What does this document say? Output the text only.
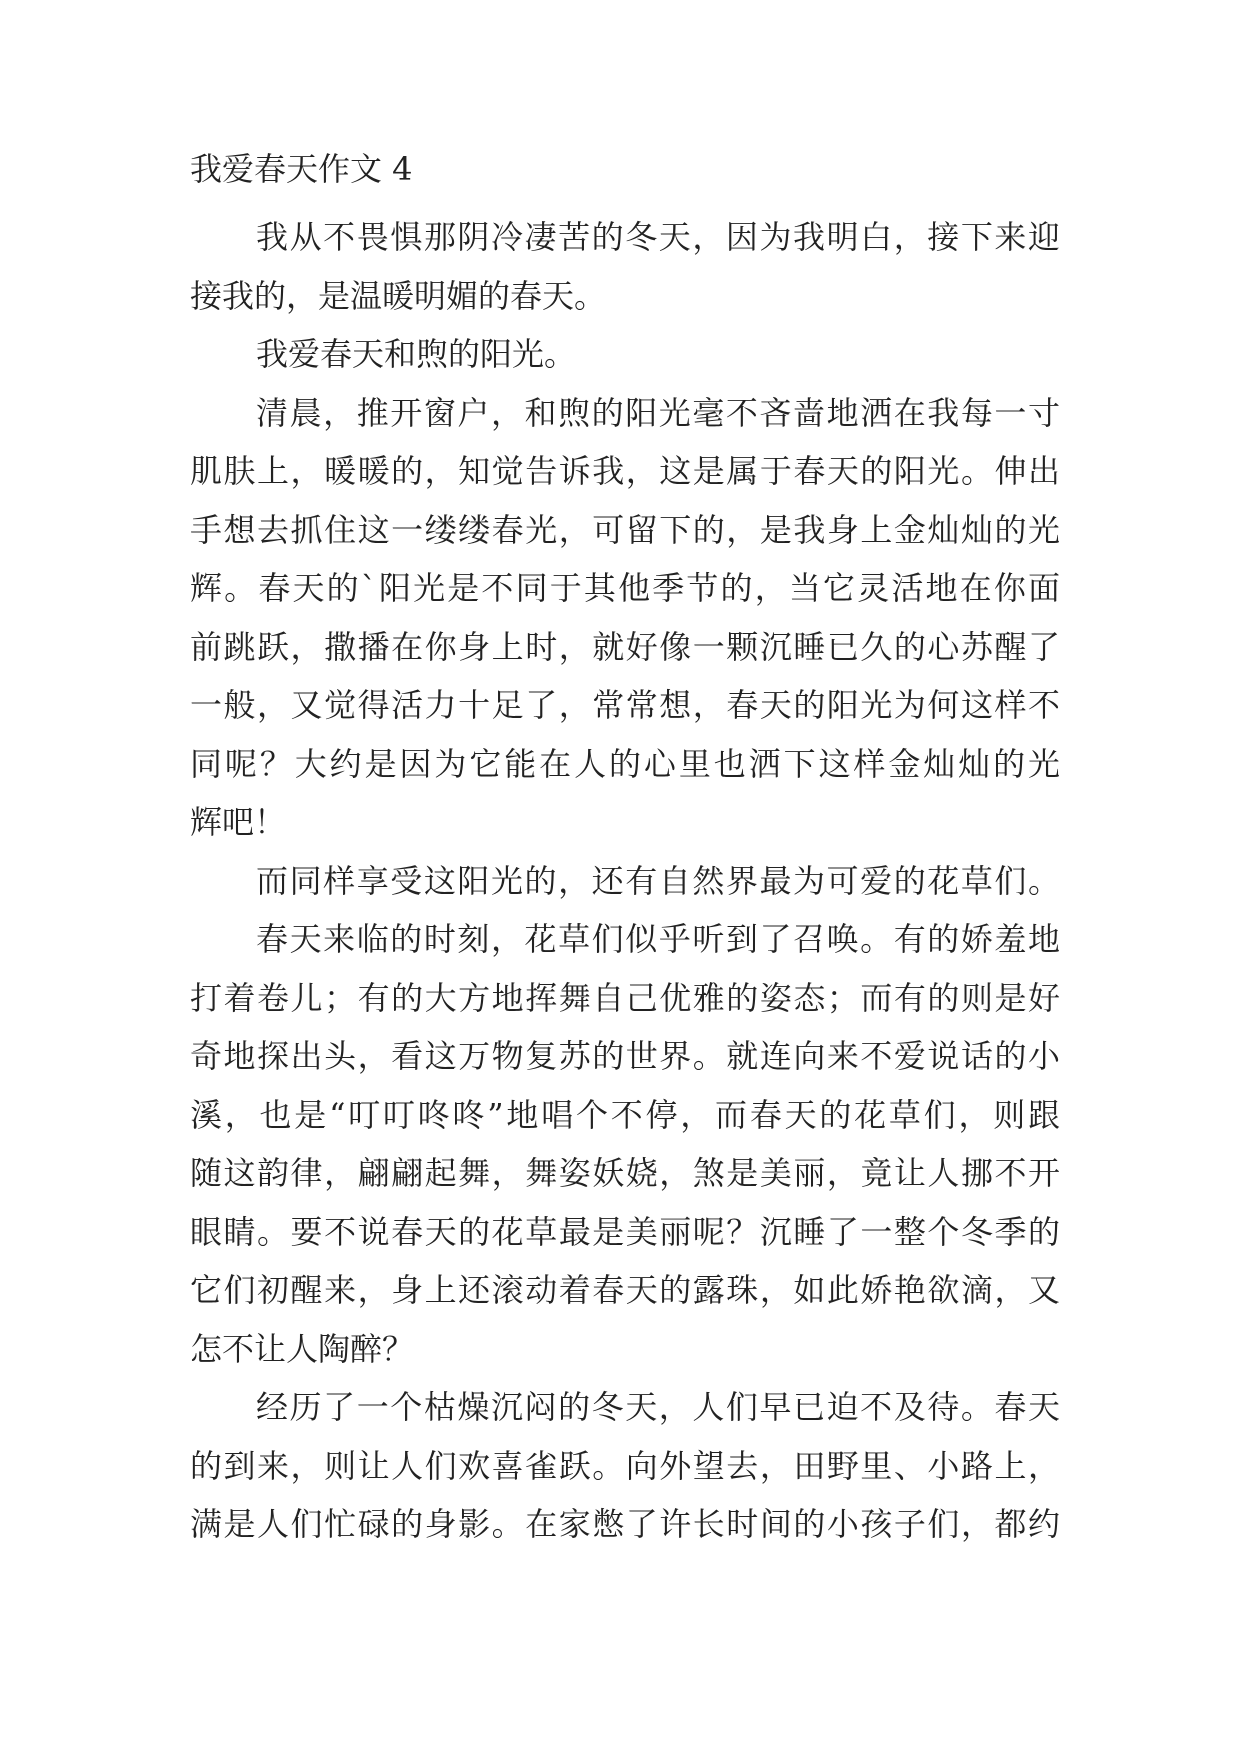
我爱春天作文 4
我从不畏惧那阴冷凄苦的冬天，因为我明白，接下来迎
接我的，是温暖明媚的春天。
我爱春天和煦的阳光。
清晨，推开窗户，和煦的阳光毫不吝啬地洒在我每一寸
肌肤上，暖暖的，知觉告诉我，这是属于春天的阳光。伸出
手想去抓住这一缕缕春光，可留下的，是我身上金灿灿的光
辉。春天的`阳光是不同于其他季节的，当它灵活地在你面
前跳跃，撒播在你身上时，就好像一颗沉睡已久的心苏醒了
一般，又觉得活力十足了，常常想，春天的阳光为何这样不
同呢？大约是因为它能在人的心里也洒下这样金灿灿的光
辉吧！
而同样享受这阳光的，还有自然界最为可爱的花草们。
春天来临的时刻，花草们似乎听到了召唤。有的娇羞地
打着卷儿；有的大方地挥舞自己优雅的姿态；而有的则是好
奇地探出头，看这万物复苏的世界。就连向来不爱说话的小
溪，也是“叮叮咚咚”地唱个不停，而春天的花草们，则跟
随这韵律，翩翩起舞，舞姿妖娆，煞是美丽，竟让人挪不开
眼睛。要不说春天的花草最是美丽呢？沉睡了一整个冬季的
它们初醒来，身上还滚动着春天的露珠，如此娇艳欲滴，又
怎不让人陶醉？
经历了一个枯燥沉闷的冬天，人们早已迫不及待。春天
的到来，则让人们欢喜雀跃。向外望去，田野里、小路上，
满是人们忙碌的身影。在家憋了许长时间的小孩子们，都约
